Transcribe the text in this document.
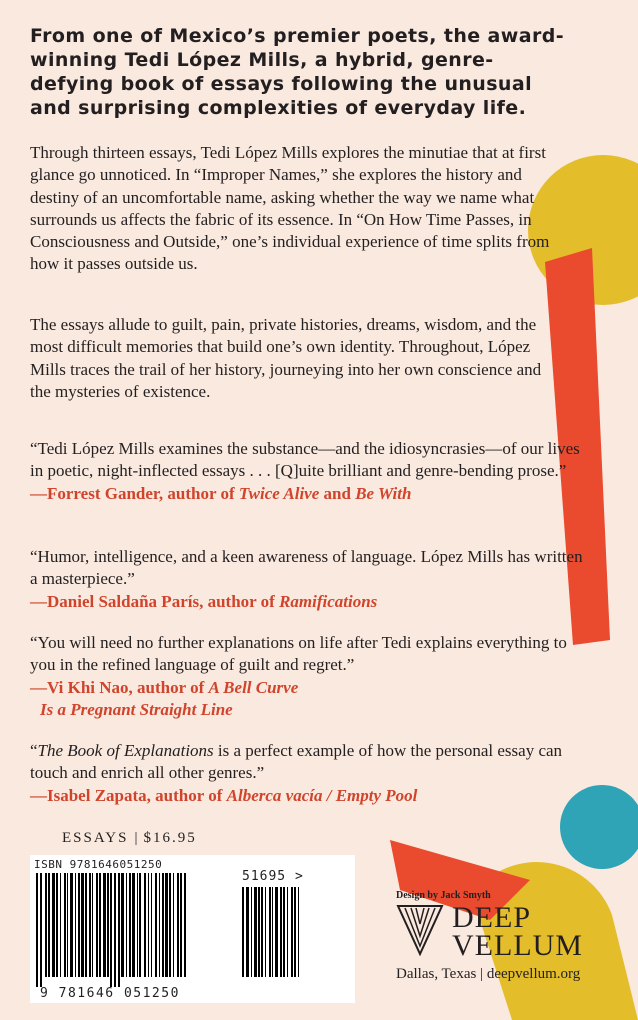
From one of Mexico’s premier poets, the award-winning Tedi López Mills, a hybrid, genre-defying book of essays following the unusual and surprising complexities of everyday life.

Through thirteen essays, Tedi López Mills explores the minutiae that at first glance go unnoticed. In “Improper Names,” she explores the history and destiny of an uncomfortable name, asking whether the way we name what surrounds us affects the fabric of its essence. In “On How Time Passes, in Consciousness and Outside,” one’s individual experience of time splits from how it passes outside us.

The essays allude to guilt, pain, private histories, dreams, wisdom, and the most difficult memories that build one’s own identity. Throughout, López Mills traces the trail of her history, journeying into her own conscience and the mysteries of existence.

“Tedi López Mills examines the substance—and the idiosyncrasies—of our lives in poetic, night-inflected essays . . . [Q]uite brilliant and genre-bending prose.”
—Forrest Gander, author of Twice Alive and Be With

“Humor, intelligence, and a keen awareness of language. López Mills has written a masterpiece.”
—Daniel Saldaña París, author of Ramifications

“You will need no further explanations on life after Tedi explains everything to you in the refined language of guilt and regret.”
—Vi Khi Nao, author of A Bell Curve
Is a Pregnant Straight Line

“The Book of Explanations is a perfect example of how the personal essay can touch and enrich all other genres.”
—Isabel Zapata, author of Alberca vacía / Empty Pool

ESSAYS | $16.95
ISBN 9781646051250
51695 >
9 781646 051250
Design by Jack Smyth
DEEP
VELLUM
Dallas, Texas | deepvellum.org
